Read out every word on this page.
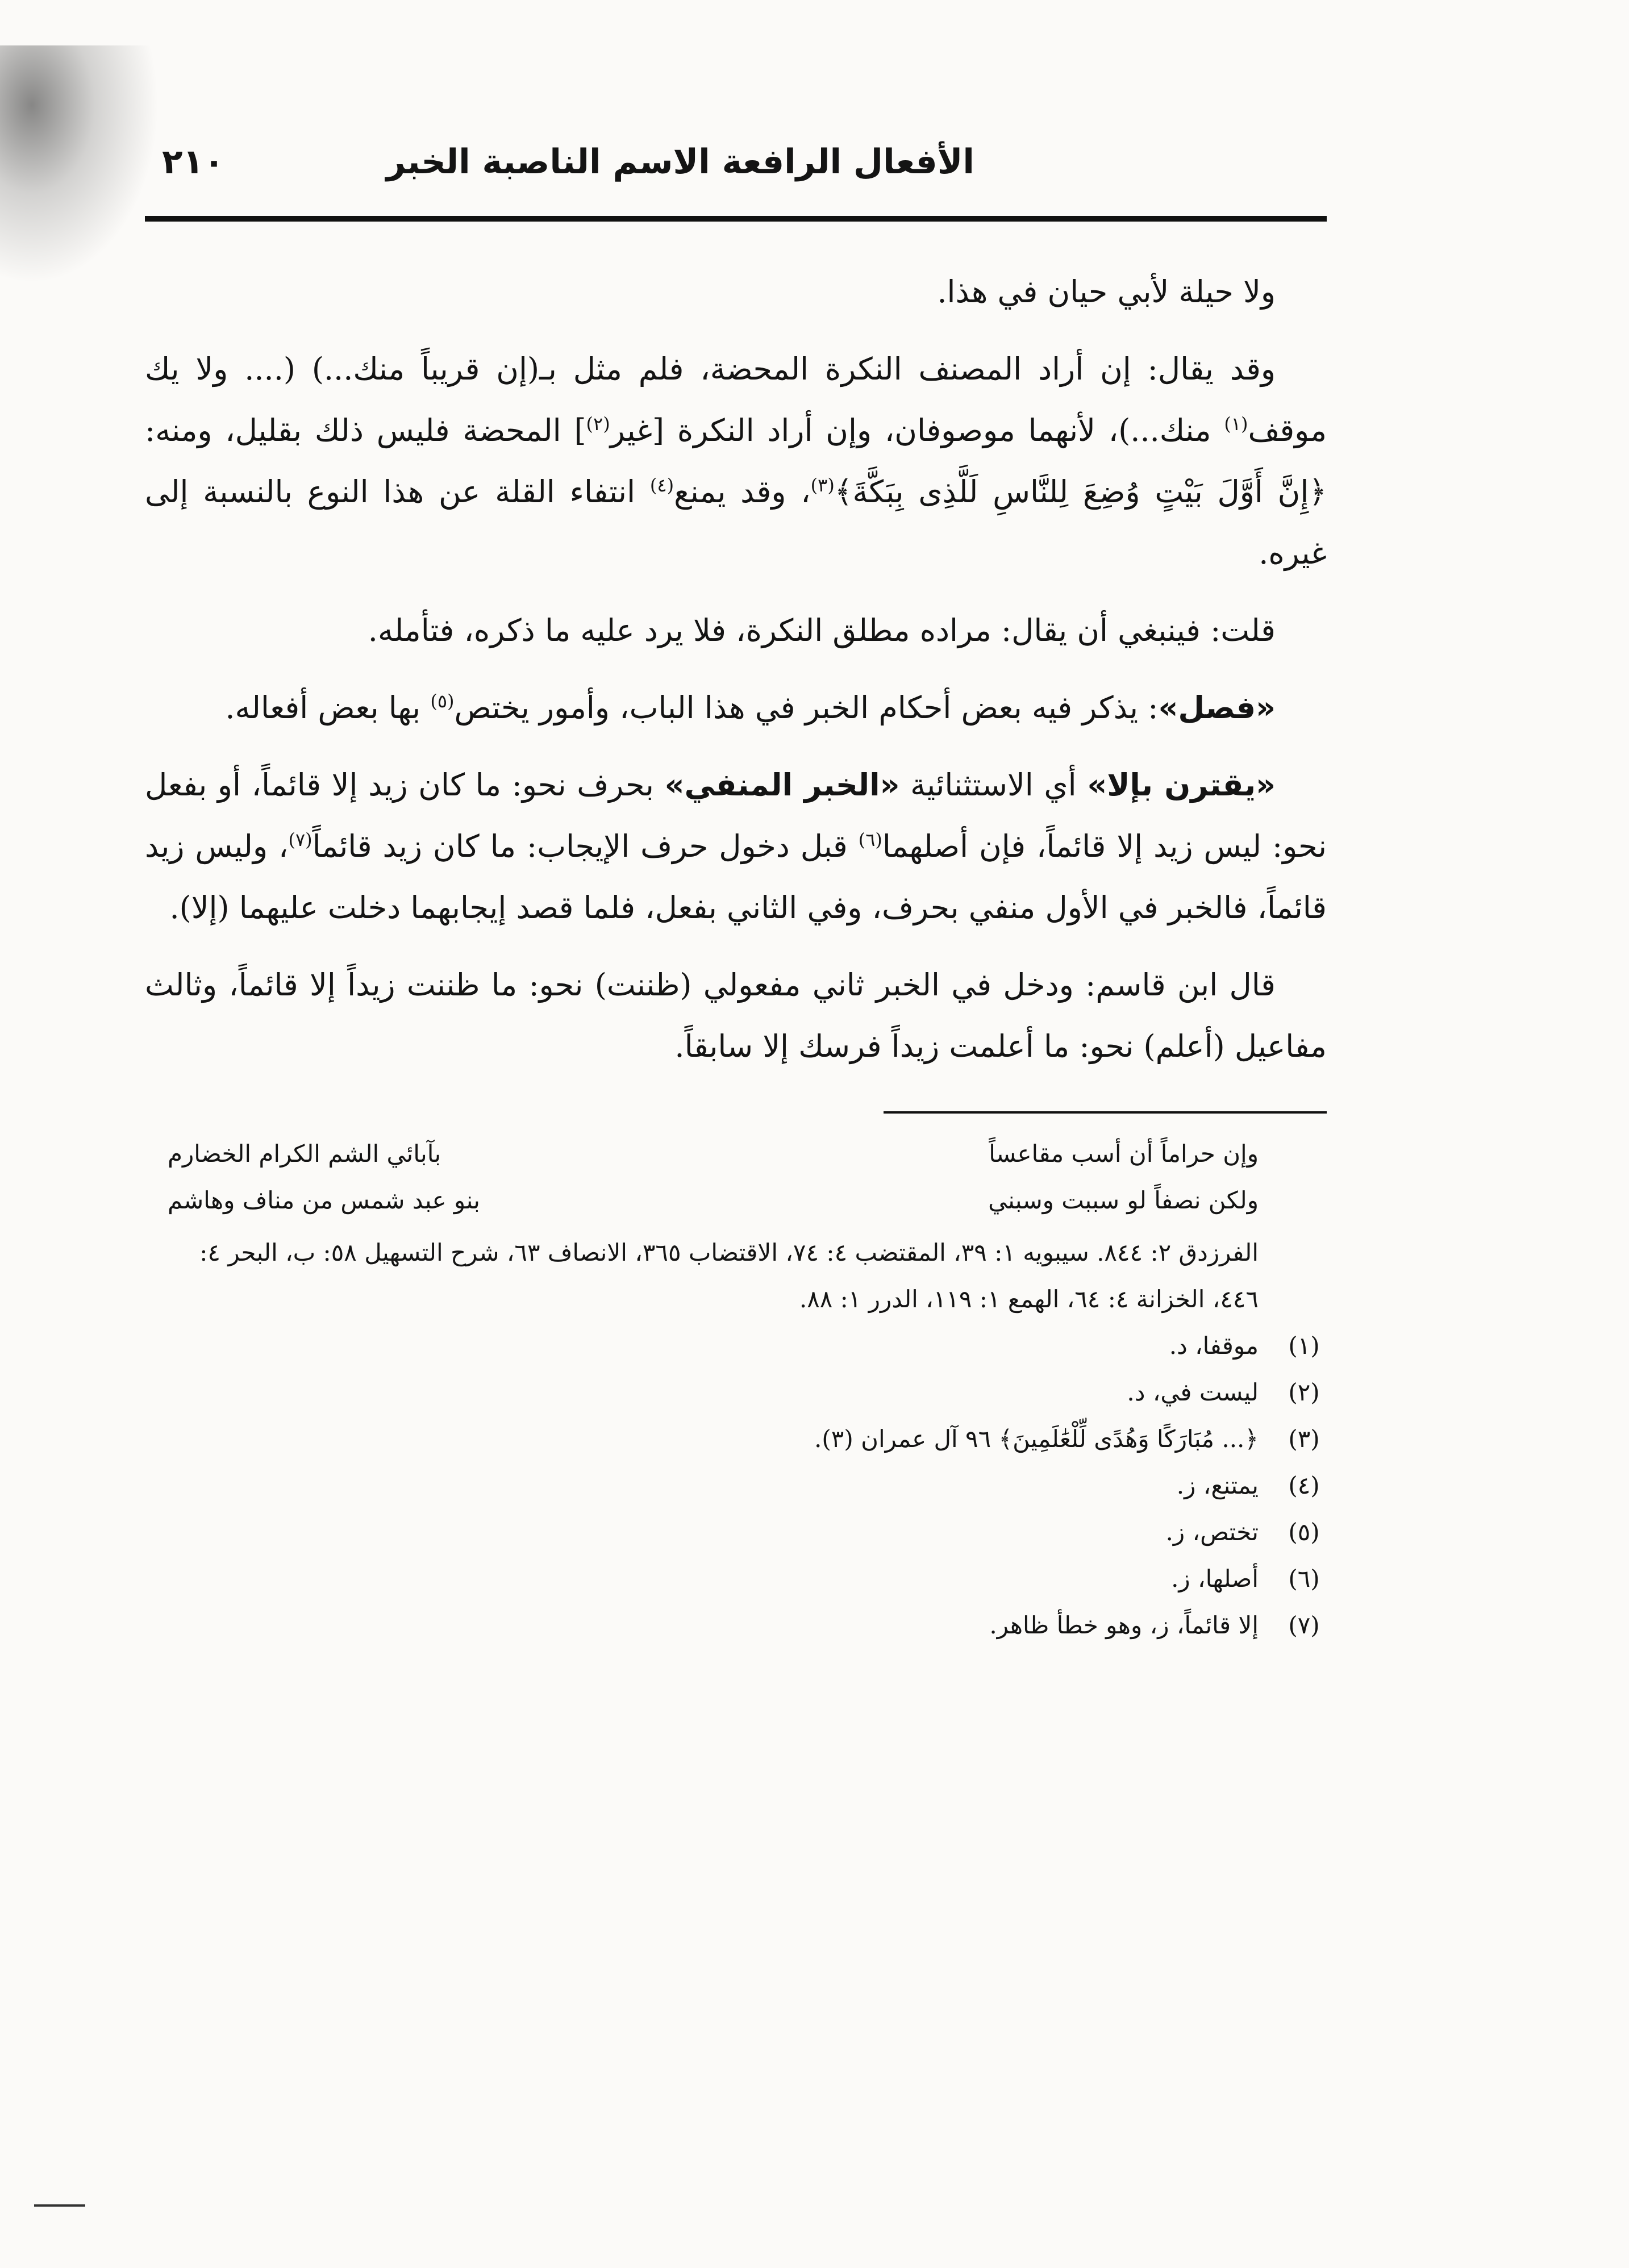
الأفعال الرافعة الاسم الناصبة الخبر
٢١٠

ولا حيلة لأبي حيان في هذا.

وقد يقال: إن أراد المصنف النكرة المحضة، فلم مثل بـ(إن قريباً منك...) (.... ولا يك موقف$^{(١)}$ منك...)، لأنهما موصوفان، وإن أراد النكرة [غير$^{(٢)}$] المحضة فليس ذلك بقليل، ومنه: ﴿إِنَّ أَوَّلَ بَيْتٍ وُضِعَ لِلنَّاسِ لَلَّذِى بِبَكَّةَ﴾$^{(٣)}$، وقد يمنع$^{(٤)}$ انتفاء القلة عن هذا النوع بالنسبة إلى غيره.

قلت: فينبغي أن يقال: مراده مطلق النكرة، فلا يرد عليه ما ذكره، فتأمله.

«فصل»: يذكر فيه بعض أحكام الخبر في هذا الباب، وأمور يختص$^{(٥)}$ بها بعض أفعاله.

«يقترن بإلا» أي الاستثنائية «الخبر المنفي» بحرف نحو: ما كان زيد إلا قائماً، أو بفعل نحو: ليس زيد إلا قائماً، فإن أصلهما$^{(٦)}$ قبل دخول حرف الإيجاب: ما كان زيد قائماً$^{(٧)}$، وليس زيد قائماً، فالخبر في الأول منفي بحرف، وفي الثاني بفعل، فلما قصد إيجابهما دخلت عليهما (إلا).

قال ابن قاسم: ودخل في الخبر ثاني مفعولي (ظننت) نحو: ما ظننت زيداً إلا قائماً، وثالث مفاعيل (أعلم) نحو: ما أعلمت زيداً فرسك إلا سابقاً.

وإن حراماً أن أسب مقاعساً
بآبائي الشم الكرام الخضارم
ولكن نصفاً لو سببت وسبني
بنو عبد شمس من مناف وهاشم
الفرزدق ٢: ٨٤٤. سيبويه ١: ٣٩، المقتضب ٤: ٧٤، الاقتضاب ٣٦٥، الانصاف ٦٣، شرح التسهيل ٥٨: ب، البحر ٤: ٤٤٦، الخزانة ٤: ٦٤، الهمع ١: ١١٩، الدرر ١: ٨٨.
( ١ )
موقفا، د.
( ٢ )
ليست في، د.
( ٣ )
﴿... مُبَارَكًا وَهُدًى لِّلْعَٰلَمِينَ﴾ ٩٦ آل عمران (٣).
( ٤ )
يمتنع، ز.
( ٥ )
تختص، ز.
( ٦ )
أصلها، ز.
( ٧ )
إلا قائماً، ز، وهو خطأ ظاهر.
